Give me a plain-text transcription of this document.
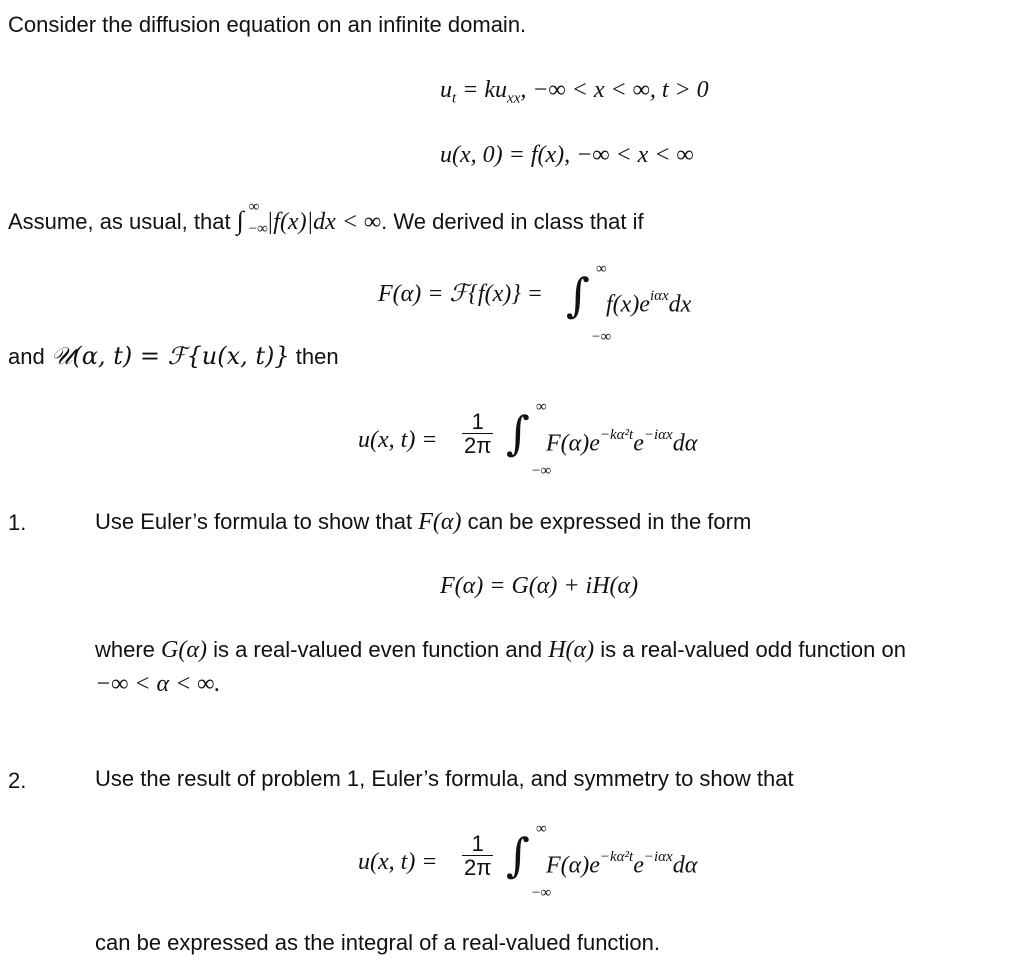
Consider the diffusion equation on an infinite domain.
$u_t = ku_{xx}$, −∞ < x < ∞, t > 0
u(x, 0) = f(x), −∞ < x < ∞
Assume, as usual, that ∫ ∞
−∞
|f(x)|dx < ∞. We derived in class that if
F(α) = ℱ{f(x)} = ∫ ∞
−∞
$f(x)e^{i\alpha x}dx$
and 𝒰(α, t) = ℱ{u(x, t)} then
u(x, $t) = \frac{1}{2\pi}$ ∫ ∞
−∞
$F(\alpha)e^{-k\alpha^2t}e^{-i\alpha x}d\alpha$
1.	Use Euler’s formula to show that F(α) can be expressed in the form
F(α) = G(α) + iH(α)
where G(α) is a real-valued even function and H(α) is a real-valued odd function on
−∞ < α < ∞.
2.	Use the result of problem 1, Euler’s formula, and symmetry to show that
u(x, $t) = \frac{1}{2\pi}$ ∫ ∞
−∞
$F(\alpha)e^{-k\alpha^2t}e^{-i\alpha x}d\alpha$
can be expressed as the integral of a real-valued function.
